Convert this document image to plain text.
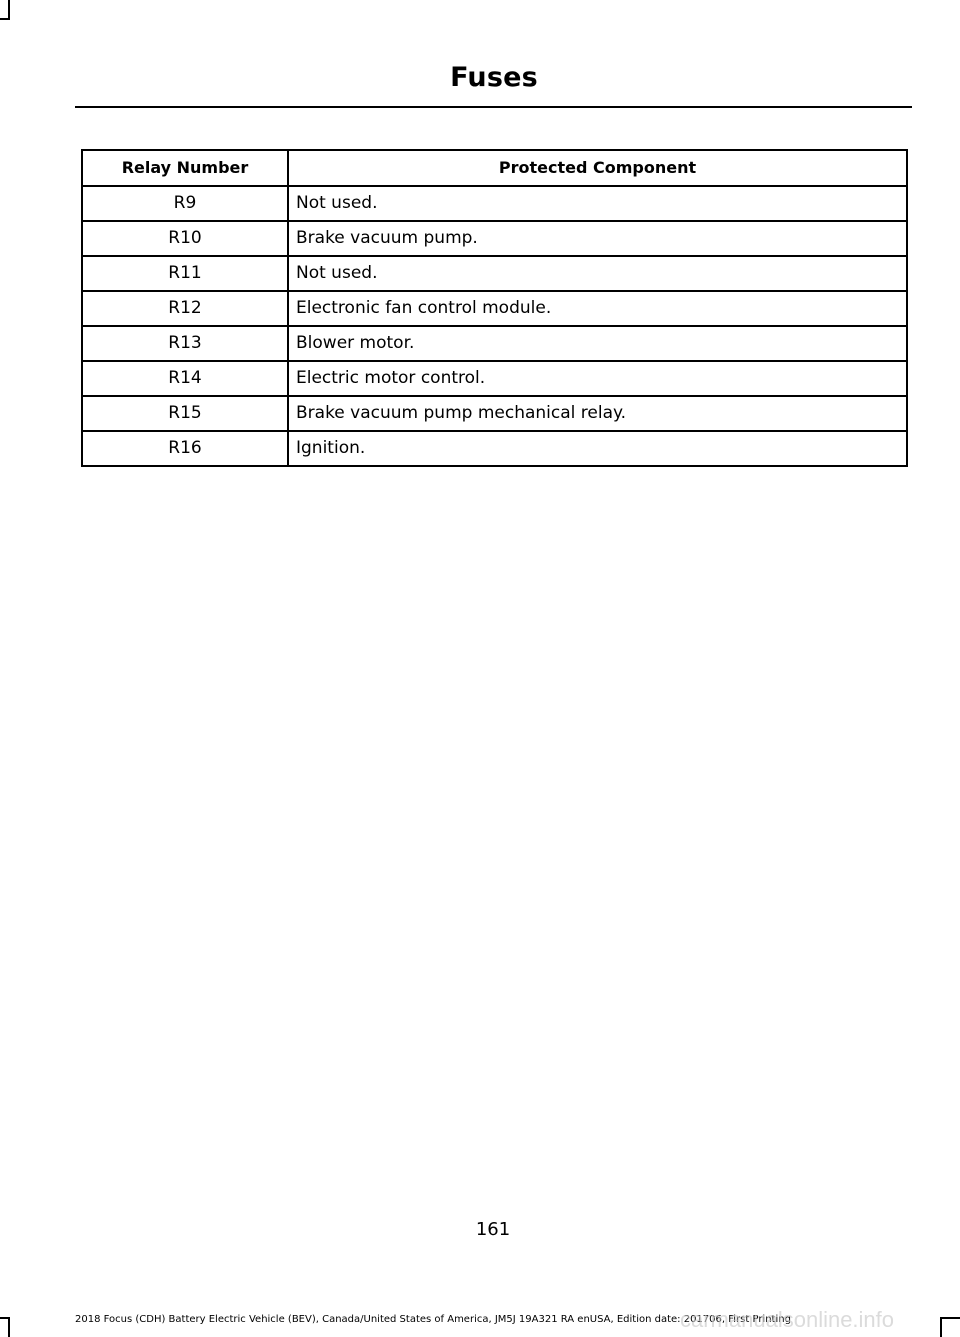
Fuses
Relay Number	Protected Component
R9	Not used.
R10	Brake vacuum pump.
R11	Not used.
R12	Electronic fan control module.
R13	Blower motor.
R14	Electric motor control.
R15	Brake vacuum pump mechanical relay.
R16	Ignition.
161
2018 Focus (CDH) Battery Electric Vehicle (BEV), Canada/United States of America, JM5J 19A321 RA enUSA, Edition date: 201706, First Printing
carmanualsonline.info
